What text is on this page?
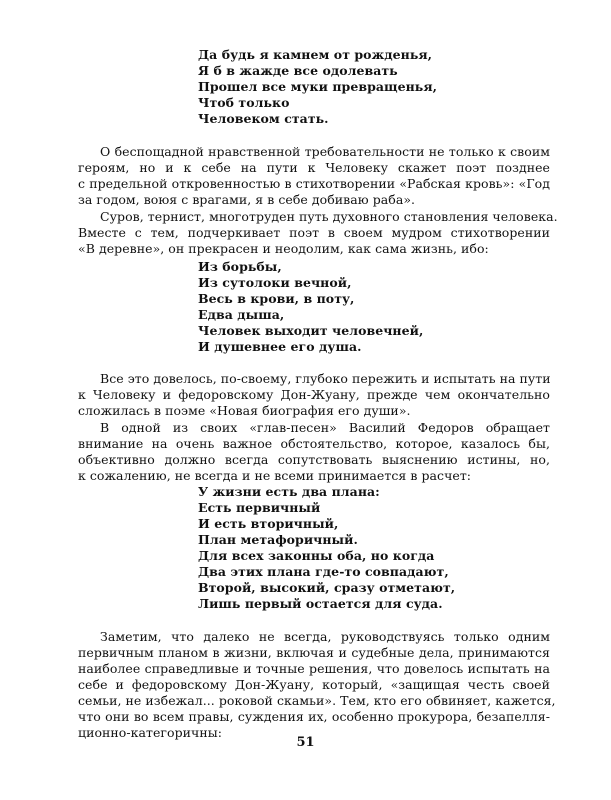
Да будь я камнем от рожденья,
Я б в жажде все одолевать
Прошел все муки превращенья,
Чтоб только
Человеком стать.
О беспощадной нравственной требовательности не только к своим
героям, но и к себе на пути к Человеку скажет поэт позднее
с предельной откровенностью в стихотворении «Рабская кровь»: «Год
за годом, воюя с врагами, я в себе добиваю раба».
Суров, тернист, многотруден путь духовного становления человека.
Вместе с тем, подчеркивает поэт в своем мудром стихотворении
«В деревне», он прекрасен и неодолим, как сама жизнь, ибо:
Из борьбы,
Из сутолоки вечной,
Весь в крови, в поту,
Едва дыша,
Человек выходит человечней,
И душевнее его душа.
Все это довелось, по-своему, глубоко пережить и испытать на пути
к Человеку и федоровскому Дон-Жуану, прежде чем окончательно
сложилась в поэме «Новая биография его души».
В одной из своих «глав-песен» Василий Федоров обращает
внимание на очень важное обстоятельство, которое, казалось бы,
объективно должно всегда сопутствовать выяснению истины, но,
к сожалению, не всегда и не всеми принимается в расчет:
У жизни есть два плана:
Есть первичный
И есть вторичный,
План метафоричный.
Для всех законны оба, но когда
Два этих плана где-то совпадают,
Второй, высокий, сразу отметают,
Лишь первый остается для суда.
Заметим, что далеко не всегда, руководствуясь только одним
первичным планом в жизни, включая и судебные дела, принимаются
наиболее справедливые и точные решения, что довелось испытать на
себе и федоровскому Дон-Жуану, который, «защищая честь своей
семьи, не избежал... роковой скамьи». Тем, кто его обвиняет, кажется,
что они во всем правы, суждения их, особенно прокурора, безапелля-
ционно-категоричны:
51
